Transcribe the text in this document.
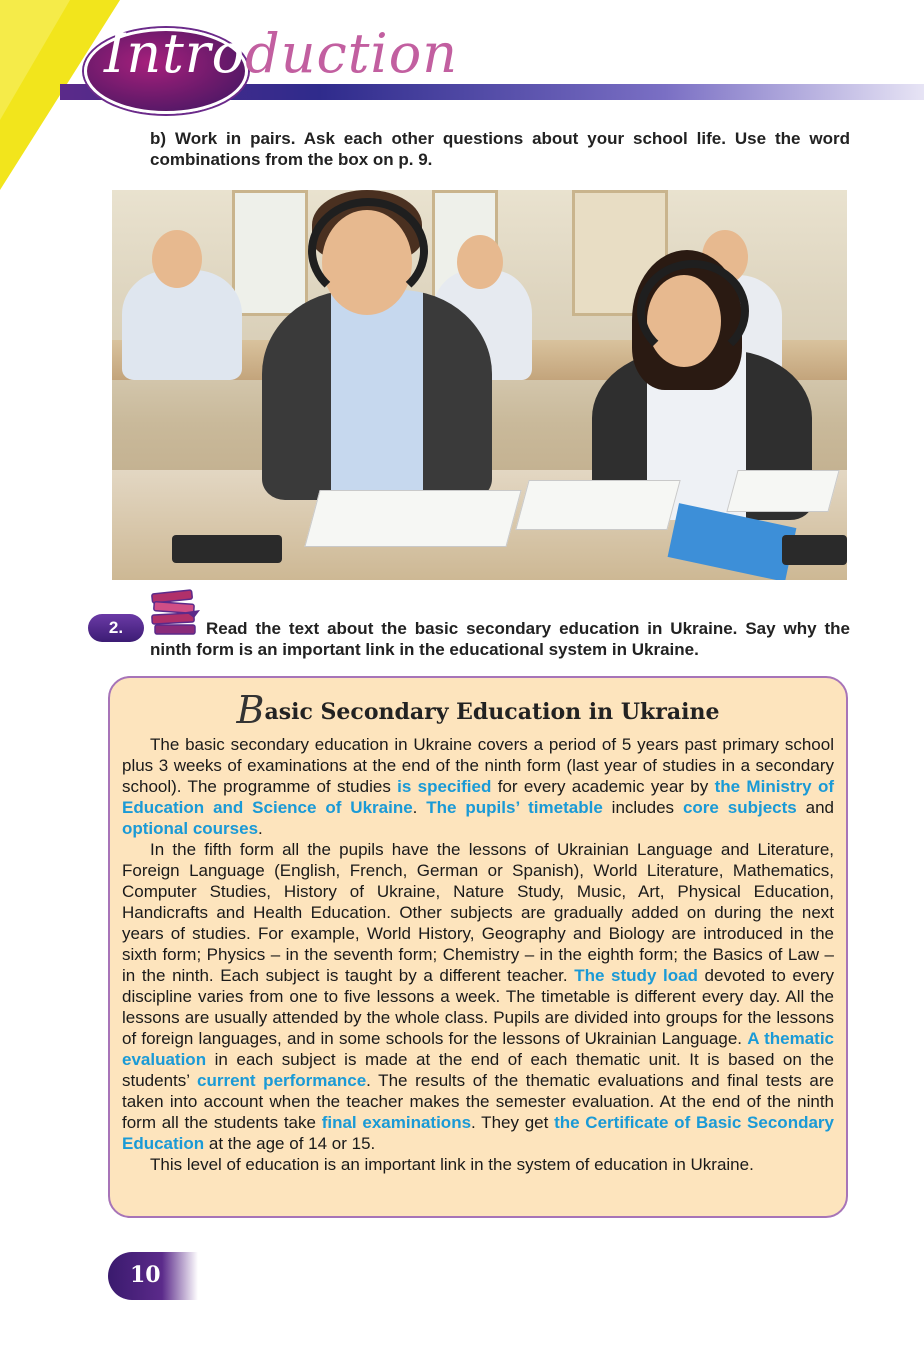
Introduction
b) Work in pairs. Ask each other questions about your school life. Use the word combinations from the box on p. 9.
2.	Read the text about the basic secondary education in Ukraine. Say why the ninth form is an important link in the educational system in Ukraine.
Basic Secondary Education in Ukraine

The basic secondary education in Ukraine covers a period of 5 years past primary school plus 3 weeks of examinations at the end of the ninth form (last year of studies in a secondary school). The programme of studies is specified for every academic year by the Ministry of Education and Science of Ukraine. The pupils’ timetable includes core subjects and optional courses.

In the fifth form all the pupils have the lessons of Ukrainian Language and Literature, Foreign Language (English, French, German or Spanish), World Literature, Mathematics, Computer Studies, History of Ukraine, Nature Study, Music, Art, Physical Education, Handicrafts and Health Education. Other subjects are gradually added on during the next years of studies. For example, World History, Geography and Biology are introduced in the sixth form; Physics – in the seventh form; Chemistry – in the eighth form; the Basics of Law – in the ninth. Each subject is taught by a different teacher. The study load devoted to every discipline varies from one to five lessons a week. The timetable is different every day. All the lessons are usually attended by the whole class. Pupils are divided into groups for the lessons of foreign languages, and in some schools for the lessons of Ukrainian Language. A thematic evaluation in each subject is made at the end of each thematic unit. It is based on the students’ current performance. The results of the thematic evaluations and final tests are taken into account when the teacher makes the semester evaluation. At the end of the ninth form all the students take final examinations. They get the Certificate of Basic Secondary Education at the age of 14 or 15.

This level of education is an important link in the system of education in Ukraine.

10
